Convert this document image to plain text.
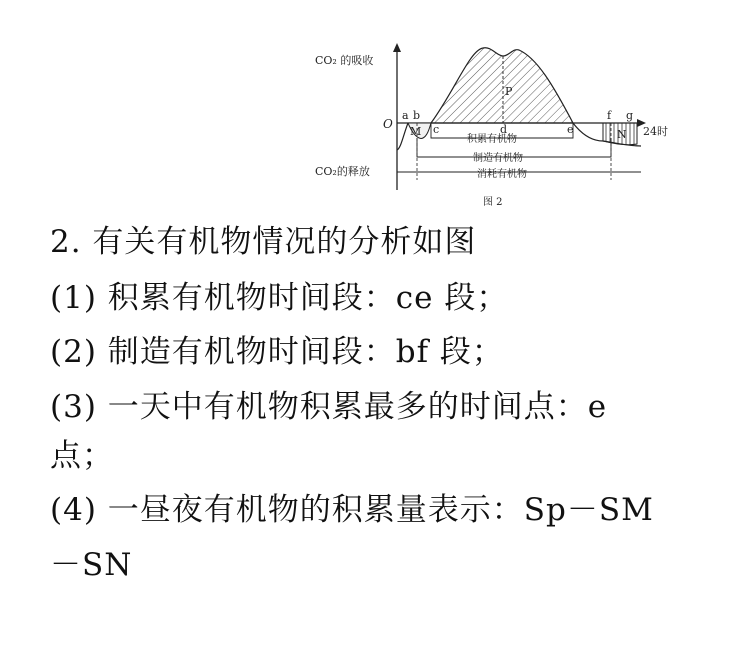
CO₂ 的吸收
CO₂的释放
O
24时
a b
c	d	e
f g
M	N
P
积累有机物
制造有机物
消耗有机物
图 2
2. 有关有机物情况的分析如图
(1) 积累有机物时间段：ce 段；
(2) 制造有机物时间段：bf 段；
(3) 一天中有机物积累最多的时间点：e
点；
(4) 一昼夜有机物的积累量表示：Sp－SM
－SN
